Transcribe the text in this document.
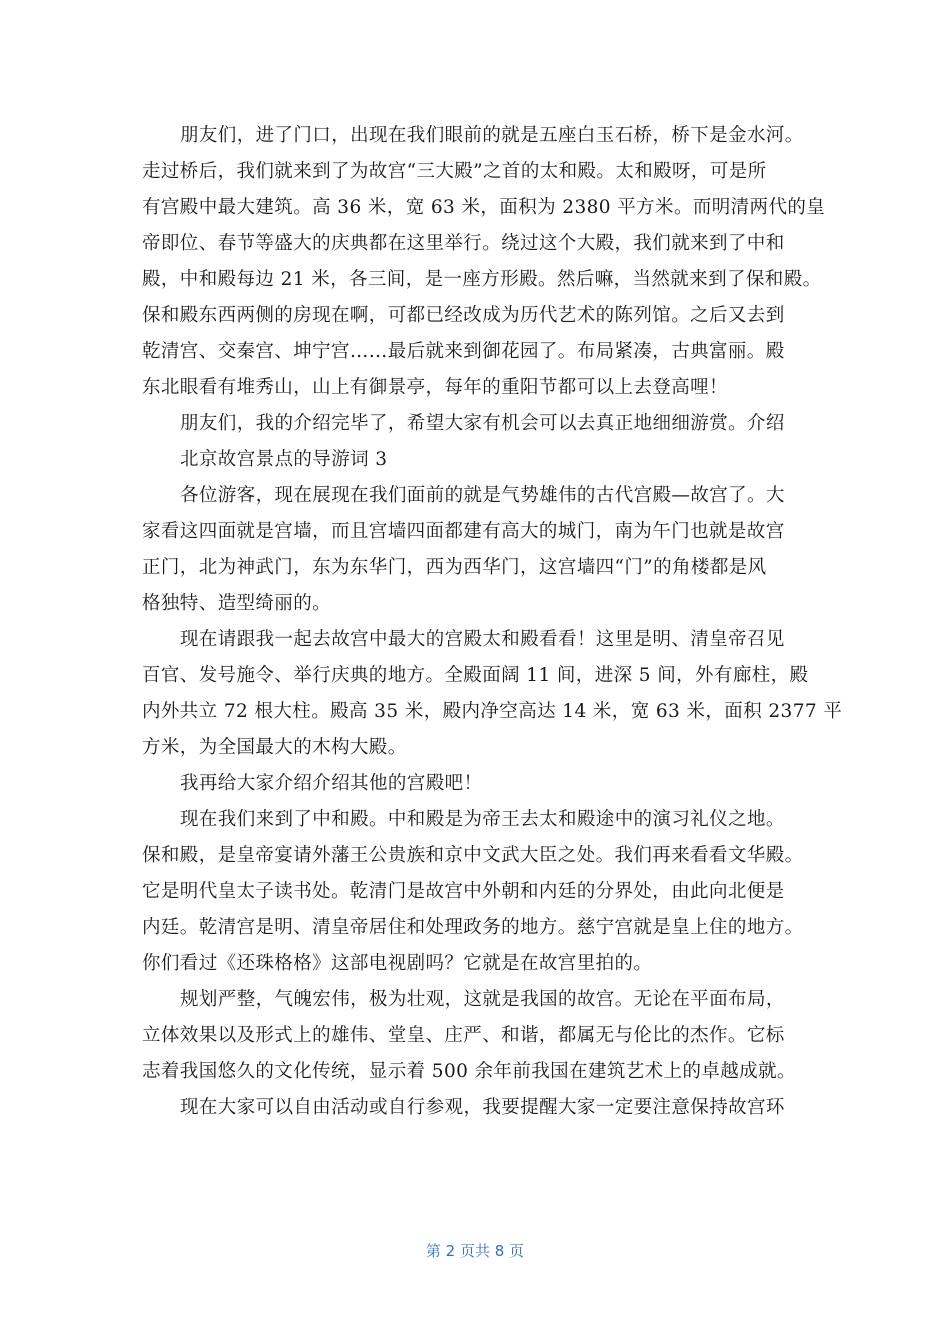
朋友们，进了门口，出现在我们眼前的就是五座白玉石桥，桥下是金水河。
走过桥后，我们就来到了为故宫“三大殿”之首的太和殿。太和殿呀，可是所
有宫殿中最大建筑。高 36 米，宽 63 米，面积为 2380 平方米。而明清两代的皇
帝即位、春节等盛大的庆典都在这里举行。绕过这个大殿，我们就来到了中和
殿，中和殿每边 21 米，各三间，是一座方形殿。然后嘛，当然就来到了保和殿。
保和殿东西两侧的房现在啊，可都已经改成为历代艺术的陈列馆。之后又去到
乾清宫、交秦宫、坤宁宫……最后就来到御花园了。布局紧凑，古典富丽。殿
东北眼看有堆秀山，山上有御景亭，每年的重阳节都可以上去登高哩！
朋友们，我的介绍完毕了，希望大家有机会可以去真正地细细游赏。介绍
北京故宫景点的导游词 3
各位游客，现在展现在我们面前的就是气势雄伟的古代宫殿—故宫了。大
家看这四面就是宫墙，而且宫墙四面都建有高大的城门，南为午门也就是故宫
正门，北为神武门，东为东华门，西为西华门，这宫墙四“门”的角楼都是风
格独特、造型绮丽的。
现在请跟我一起去故宫中最大的宫殿太和殿看看！这里是明、清皇帝召见
百官、发号施令、举行庆典的地方。全殿面阔 11 间，进深 5 间，外有廊柱，殿
内外共立 72 根大柱。殿高 35 米，殿内净空高达 14 米，宽 63 米，面积 2377 平
方米，为全国最大的木构大殿。
我再给大家介绍介绍其他的宫殿吧！
现在我们来到了中和殿。中和殿是为帝王去太和殿途中的演习礼仪之地。
保和殿，是皇帝宴请外藩王公贵族和京中文武大臣之处。我们再来看看文华殿。
它是明代皇太子读书处。乾清门是故宫中外朝和内廷的分界处，由此向北便是
内廷。乾清宫是明、清皇帝居住和处理政务的地方。慈宁宫就是皇上住的地方。
你们看过《还珠格格》这部电视剧吗？它就是在故宫里拍的。
规划严整，气魄宏伟，极为壮观，这就是我国的故宫。无论在平面布局，
立体效果以及形式上的雄伟、堂皇、庄严、和谐，都属无与伦比的杰作。它标
志着我国悠久的文化传统，显示着 500 余年前我国在建筑艺术上的卓越成就。
现在大家可以自由活动或自行参观，我要提醒大家一定要注意保持故宫环
第 2 页共 8 页
